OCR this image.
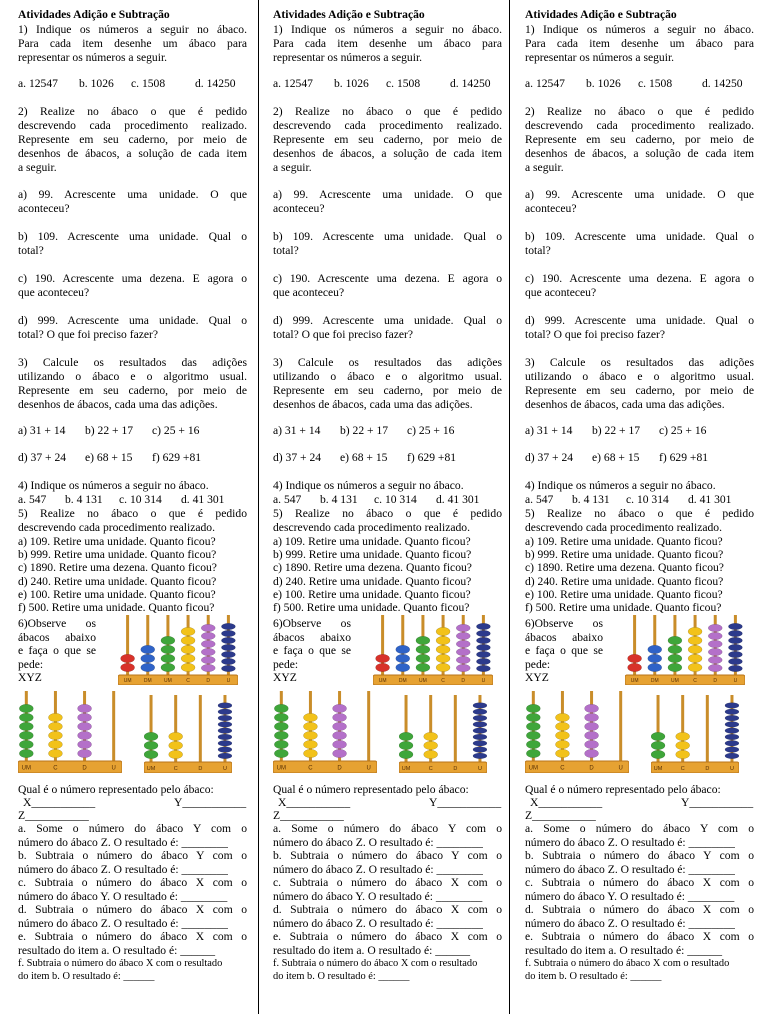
Atividades Adição e Subtração
1) Indique os números a seguir no ábaco.
Para cada item desenhe um ábaco para
representar os números a seguir.
a. 12547 b. 1026 c. 1508	d. 14250
2) Realize no ábaco o que é pedido
descrevendo cada procedimento realizado.
Represente em seu caderno, por meio de
desenhos de ábacos, a solução de cada item
a seguir.
a) 99. Acrescente uma unidade. O que
aconteceu?
b) 109. Acrescente uma unidade. Qual o
total?
c) 190. Acrescente uma dezena. E agora o
que aconteceu?
d) 999. Acrescente uma unidade. Qual o
total? O que foi preciso fazer?
3) Calcule os resultados das adições
utilizando o ábaco e o algoritmo usual.
Represente em seu caderno, por meio de
desenhos de ábacos, cada uma das adições.
a) 31 + 14 b) 22 + 17 c) 25 + 16
d) 37 + 24 e) 68 + 15 f) 629 +81
4) Indique os números a seguir no ábaco.
a. 547 b. 4 131 c. 10 314 d. 41 301
5) Realize no ábaco o que é pedido
descrevendo cada procedimento realizado.
a) 109. Retire uma unidade. Quanto ficou?
b) 999. Retire uma unidade. Quanto ficou?
c) 1890. Retire uma dezena. Quanto ficou?
d) 240. Retire uma unidade. Quanto ficou?
e) 100. Retire uma unidade. Quanto ficou?
f) 500. Retire uma unidade. Quanto ficou?
6)Observe os
ábacos abaixo
e faça o que se
pede:
XYZ	UM DM UM	C	D	U
UM	C	D	U	UM	C	D	U
Qual é o número representado pelo ábaco:
X___________	Y___________
Z___________
a. Some o número do ábaco Y com o
número do ábaco Z. O resultado é: ________
b. Subtraia o número do ábaco Y com o
número do ábaco Z. O resultado é: ________
c. Subtraia o número do ábaco X com o
número do ábaco Y. O resultado é: ________
d. Subtraia o número do ábaco X com o
número do ábaco Z. O resultado é: ________
e. Subtraia o número do ábaco X com o
resultado do item a. O resultado é: ______
f. Subtraia o número do ábaco X com o resultado
do item b. O resultado é: ______
Atividades Adição e Subtração
1) Indique os números a seguir no ábaco.
Para cada item desenhe um ábaco para
representar os números a seguir.
a. 12547 b. 1026 c. 1508	d. 14250
2) Realize no ábaco o que é pedido
descrevendo cada procedimento realizado.
Represente em seu caderno, por meio de
desenhos de ábacos, a solução de cada item
a seguir.
a) 99. Acrescente uma unidade. O que
aconteceu?
b) 109. Acrescente uma unidade. Qual o
total?
c) 190. Acrescente uma dezena. E agora o
que aconteceu?
d) 999. Acrescente uma unidade. Qual o
total? O que foi preciso fazer?
3) Calcule os resultados das adições
utilizando o ábaco e o algoritmo usual.
Represente em seu caderno, por meio de
desenhos de ábacos, cada uma das adições.
a) 31 + 14 b) 22 + 17 c) 25 + 16
d) 37 + 24 e) 68 + 15 f) 629 +81
4) Indique os números a seguir no ábaco.
a. 547 b. 4 131 c. 10 314 d. 41 301
5) Realize no ábaco o que é pedido
descrevendo cada procedimento realizado.
a) 109. Retire uma unidade. Quanto ficou?
b) 999. Retire uma unidade. Quanto ficou?
c) 1890. Retire uma dezena. Quanto ficou?
d) 240. Retire uma unidade. Quanto ficou?
e) 100. Retire uma unidade. Quanto ficou?
f) 500. Retire uma unidade. Quanto ficou?
6)Observe os
ábacos abaixo
e faça o que se
pede:
XYZ	UM DM UM	C	D	U
UM	C	D	U	UM	C	D	U
Qual é o número representado pelo ábaco:
X___________	Y___________
Z___________
a. Some o número do ábaco Y com o
número do ábaco Z. O resultado é: ________
b. Subtraia o número do ábaco Y com o
número do ábaco Z. O resultado é: ________
c. Subtraia o número do ábaco X com o
número do ábaco Y. O resultado é: ________
d. Subtraia o número do ábaco X com o
número do ábaco Z. O resultado é: ________
e. Subtraia o número do ábaco X com o
resultado do item a. O resultado é: ______
f. Subtraia o número do ábaco X com o resultado
do item b. O resultado é: ______
Atividades Adição e Subtração
1) Indique os números a seguir no ábaco.
Para cada item desenhe um ábaco para
representar os números a seguir.
a. 12547 b. 1026 c. 1508	d. 14250
2) Realize no ábaco o que é pedido
descrevendo cada procedimento realizado.
Represente em seu caderno, por meio de
desenhos de ábacos, a solução de cada item
a seguir.
a) 99. Acrescente uma unidade. O que
aconteceu?
b) 109. Acrescente uma unidade. Qual o
total?
c) 190. Acrescente uma dezena. E agora o
que aconteceu?
d) 999. Acrescente uma unidade. Qual o
total? O que foi preciso fazer?
3) Calcule os resultados das adições
utilizando o ábaco e o algoritmo usual.
Represente em seu caderno, por meio de
desenhos de ábacos, cada uma das adições.
a) 31 + 14 b) 22 + 17 c) 25 + 16
d) 37 + 24 e) 68 + 15 f) 629 +81
4) Indique os números a seguir no ábaco.
a. 547 b. 4 131 c. 10 314 d. 41 301
5) Realize no ábaco o que é pedido
descrevendo cada procedimento realizado.
a) 109. Retire uma unidade. Quanto ficou?
b) 999. Retire uma unidade. Quanto ficou?
c) 1890. Retire uma dezena. Quanto ficou?
d) 240. Retire uma unidade. Quanto ficou?
e) 100. Retire uma unidade. Quanto ficou?
f) 500. Retire uma unidade. Quanto ficou?
6)Observe os
ábacos abaixo
e faça o que se
pede:
XYZ	UM DM UM	C	D	U
UM	C	D	U	UM	C	D	U
Qual é o número representado pelo ábaco:
X___________	Y___________
Z___________
a. Some o número do ábaco Y com o
número do ábaco Z. O resultado é: ________
b. Subtraia o número do ábaco Y com o
número do ábaco Z. O resultado é: ________
c. Subtraia o número do ábaco X com o
número do ábaco Y. O resultado é: ________
d. Subtraia o número do ábaco X com o
número do ábaco Z. O resultado é: ________
e. Subtraia o número do ábaco X com o
resultado do item a. O resultado é: ______
f. Subtraia o número do ábaco X com o resultado
do item b. O resultado é: ______
